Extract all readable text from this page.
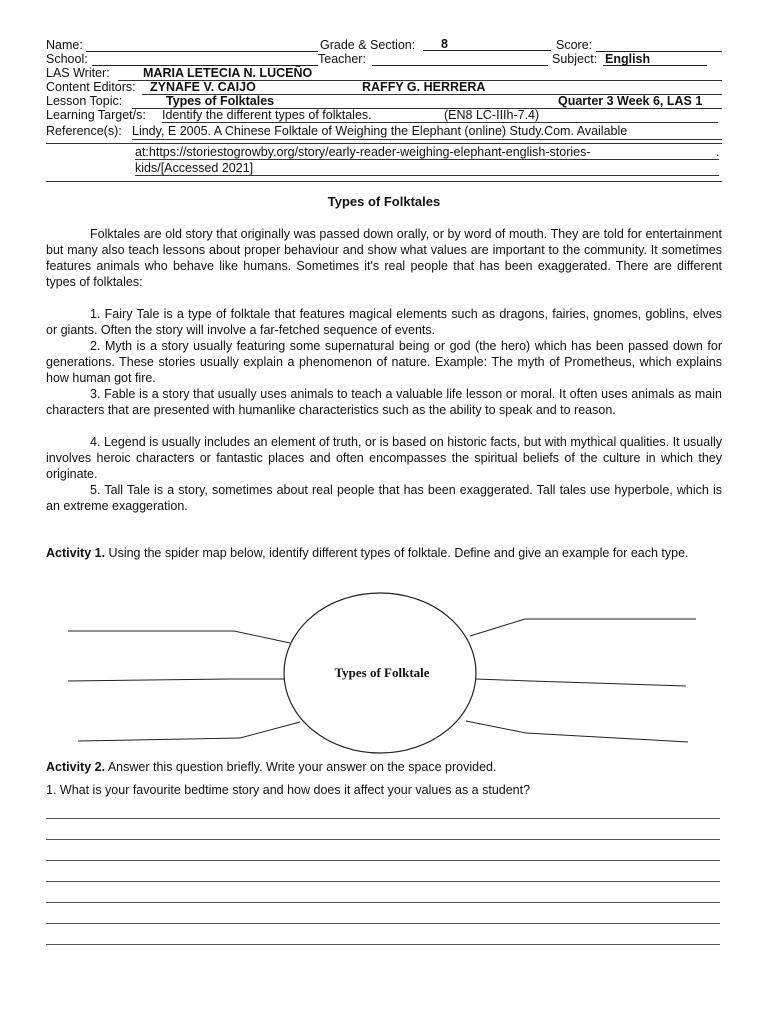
Name:	Grade & Section:	8	Score:
School:	Teacher:	Subject: English
LAS Writer:	MARIA LETECIA N. LUCEÑO
Content Editors: ZYNAFE V. CAIJO	RAFFY G. HERRERA
Lesson Topic:	Types of Folktales	Quarter 3 Week 6, LAS 1
Learning Target/s: Identify the different types of folktales.	(EN8 LC-IIIh-7.4)
Reference(s): Lindy, E 2005. A Chinese Folktale of Weighing the Elephant (online) Study.Com. Available
at:https://storiestogrowby.org/story/early-reader-weighing-elephant-english-stories-	.
kids/[Accessed 2021]
Types of Folktales
Folktales are old story that originally was passed down orally, or by word of mouth. They are told for entertainment but many also teach lessons about proper behaviour and show what values are important to the community. It sometimes features animals who behave like humans. Sometimes it's real people that has been exaggerated. There are different types of folktales:
1. Fairy Tale is a type of folktale that features magical elements such as dragons, fairies, gnomes, goblins, elves or giants. Often the story will involve a far-fetched sequence of events.
2. Myth is a story usually featuring some supernatural being or god (the hero) which has been passed down for generations. These stories usually explain a phenomenon of nature. Example: The myth of Prometheus, which explains how human got fire.
3. Fable is a story that usually uses animals to teach a valuable life lesson or moral. It often uses animals as main characters that are presented with humanlike characteristics such as the ability to speak and to reason.
4. Legend is usually includes an element of truth, or is based on historic facts, but with mythical qualities. It usually involves heroic characters or fantastic places and often encompasses the spiritual beliefs of the culture in which they originate.
5. Tall Tale is a story, sometimes about real people that has been exaggerated. Tall tales use hyperbole, which is an extreme exaggeration.
Activity 1. Using the spider map below, identify different types of folktale. Define and give an example for each type.
Types of Folktale
Activity 2. Answer this question briefly. Write your answer on the space provided.
1. What is your favourite bedtime story and how does it affect your values as a student?
